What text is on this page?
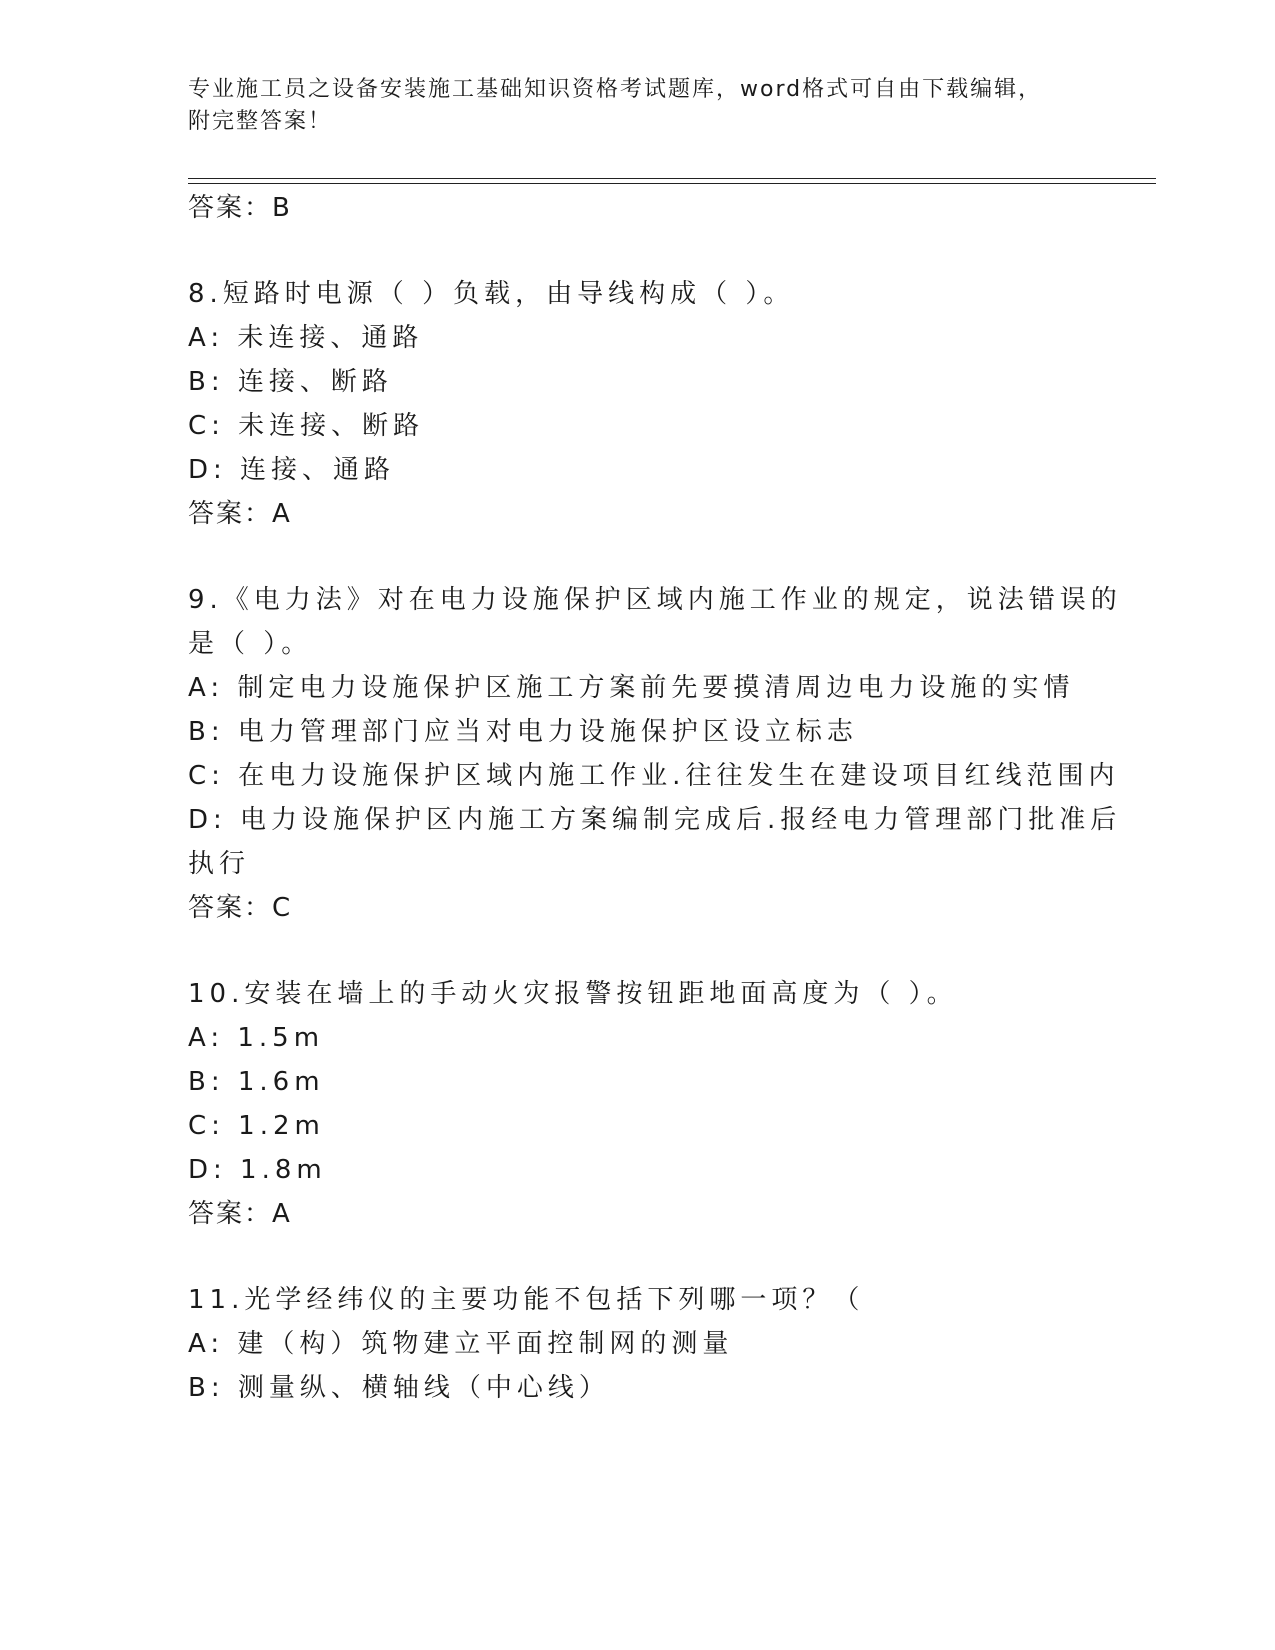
专业施工员之设备安装施工基础知识资格考试题库，word格式可自由下载编辑，
附完整答案！
答案：B
8.短路时电源（ ）负载，由导线构成（ ）。
A: 未连接、通路
B: 连接、断路
C: 未连接、断路
D: 连接、通路
答案：A
9.《电力法》对在电力设施保护区域内施工作业的规定，说法错误的
是（ ）。
A: 制定电力设施保护区施工方案前先要摸清周边电力设施的实情
B: 电力管理部门应当对电力设施保护区设立标志
C: 在电力设施保护区域内施工作业.往往发生在建设项目红线范围内
D: 电力设施保护区内施工方案编制完成后.报经电力管理部门批准后
执行
答案：C
10.安装在墙上的手动火灾报警按钮距地面高度为（ ）。
A: 1.5m
B: 1.6m
C: 1.2m
D: 1.8m
答案：A
11.光学经纬仪的主要功能不包括下列哪一项？（
A: 建（构）筑物建立平面控制网的测量
B: 测量纵、横轴线（中心线）
